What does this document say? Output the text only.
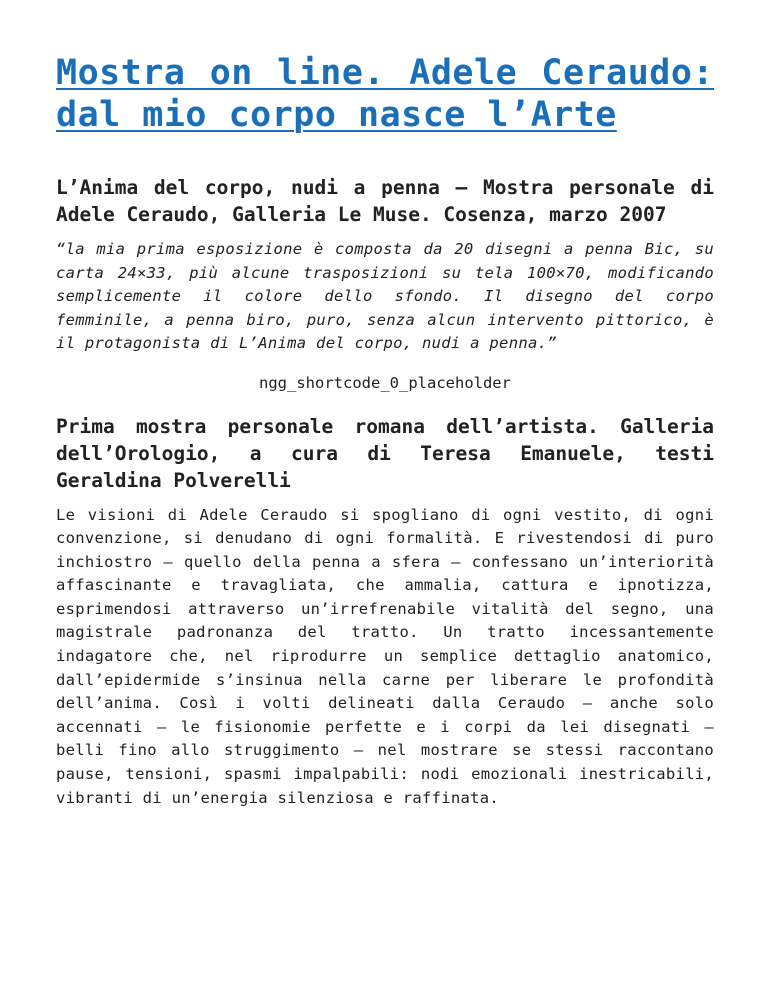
Mostra on line. Adele Ceraudo: dal mio corpo nasce l’Arte
L’Anima del corpo, nudi a penna – Mostra personale di Adele Ceraudo, Galleria Le Muse. Cosenza, marzo 2007

“la mia prima esposizione è composta da 20 disegni a penna Bic, su carta 24×33, più alcune trasposizioni su tela 100×70, modificando semplicemente il colore dello sfondo. Il disegno del corpo femminile, a penna biro, puro, senza alcun intervento pittorico, è il protagonista di L’Anima del corpo, nudi a penna.”

ngg_shortcode_0_placeholder

Prima mostra personale romana dell’artista. Galleria dell’Orologio, a cura di Teresa Emanuele, testi Geraldina Polverelli

Le visioni di Adele Ceraudo si spogliano di ogni vestito, di ogni convenzione, si denudano di ogni formalità. E rivestendosi di puro inchiostro – quello della penna a sfera – confessano un’interiorità affascinante e travagliata, che ammalia, cattura e ipnotizza, esprimendosi attraverso un’irrefrenabile vitalità del segno, una magistrale padronanza del tratto. Un tratto incessantemente indagatore che, nel riprodurre un semplice dettaglio anatomico, dall’epidermide s’insinua nella carne per liberare le profondità dell’anima. Così i volti delineati dalla Ceraudo – anche solo accennati – le fisionomie perfette e i corpi da lei disegnati – belli fino allo struggimento – nel mostrare se stessi raccontano pause, tensioni, spasmi impalpabili: nodi emozionali inestricabili, vibranti di un’energia silenziosa e raffinata.
